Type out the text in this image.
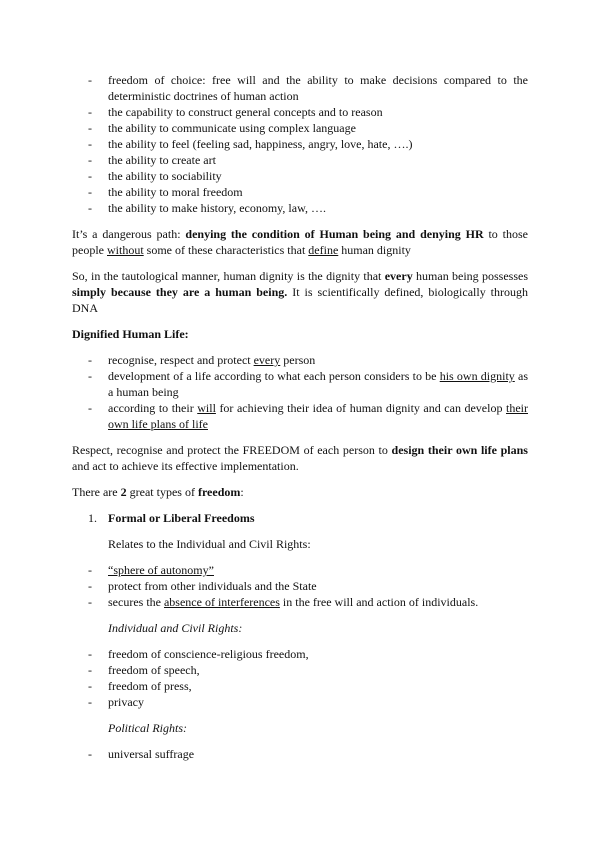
- freedom of choice: free will and the ability to make decisions compared to the deterministic doctrines of human action
- the capability to construct general concepts and to reason
- the ability to communicate using complex language
- the ability to feel (feeling sad, happiness, angry, love, hate, ….)
- the ability to create art
- the ability to sociability
- the ability to moral freedom
- the ability to make history, economy, law, ….

It’s a dangerous path: denying the condition of Human being and denying HR to those people without some of these characteristics that define human dignity

So, in the tautological manner, human dignity is the dignity that every human being possesses simply because they are a human being. It is scientifically defined, biologically through DNA

Dignified Human Life:

- recognise, respect and protect every person
- development of a life according to what each person considers to be his own dignity as a human being
- according to their will for achieving their idea of human dignity and can develop their own life plans of life

Respect, recognise and protect the FREEDOM of each person to design their own life plans and act to achieve its effective implementation.

There are 2 great types of freedom:

1. Formal or Liberal Freedoms

Relates to the Individual and Civil Rights:

- “sphere of autonomy”
- protect from other individuals and the State
- secures the absence of interferences in the free will and action of individuals.

Individual and Civil Rights:

- freedom of conscience-religious freedom,
- freedom of speech,
- freedom of press,
- privacy

Political Rights:

- universal suffrage
